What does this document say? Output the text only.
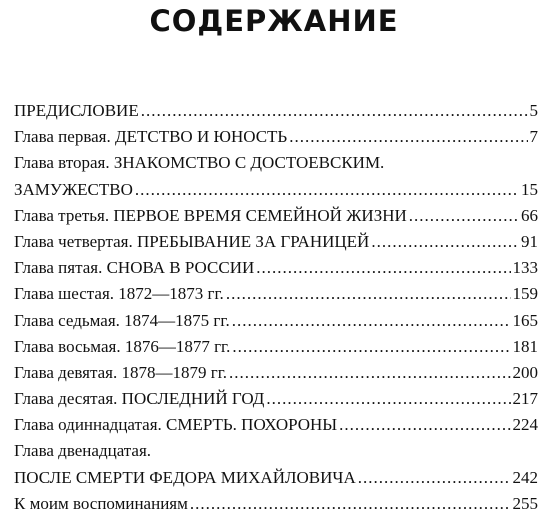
СОДЕРЖАНИЕ
ПРЕДИСЛОВИЕ .....	5
Глава первая. ДЕТСТВО И ЮНОСТЬ .....	7
Глава вторая. ЗНАКОМСТВО С ДОСТОЕВСКИМ.
ЗАМУЖЕСТВО .....	15
Глава третья. ПЕРВОЕ ВРЕМЯ СЕМЕЙНОЙ ЖИЗНИ .....	66
Глава четвертая. ПРЕБЫВАНИЕ ЗА ГРАНИЦЕЙ .....	91
Глава пятая. СНОВА В РОССИИ .....	133
Глава шестая. 1872—1873 гг. .....	159
Глава седьмая. 1874—1875 гг. .....	165
Глава восьмая. 1876—1877 гг. .....	181
Глава девятая. 1878—1879 гг. .....	200
Глава десятая. ПОСЛЕДНИЙ ГОД .....	217
Глава одиннадцатая. СМЕРТЬ. ПОХОРОНЫ .....	224
Глава двенадцатая.
ПОСЛЕ СМЕРТИ ФЕДОРА МИХАЙЛОВИЧА .....	242
К моим воспоминаниям .....	255
